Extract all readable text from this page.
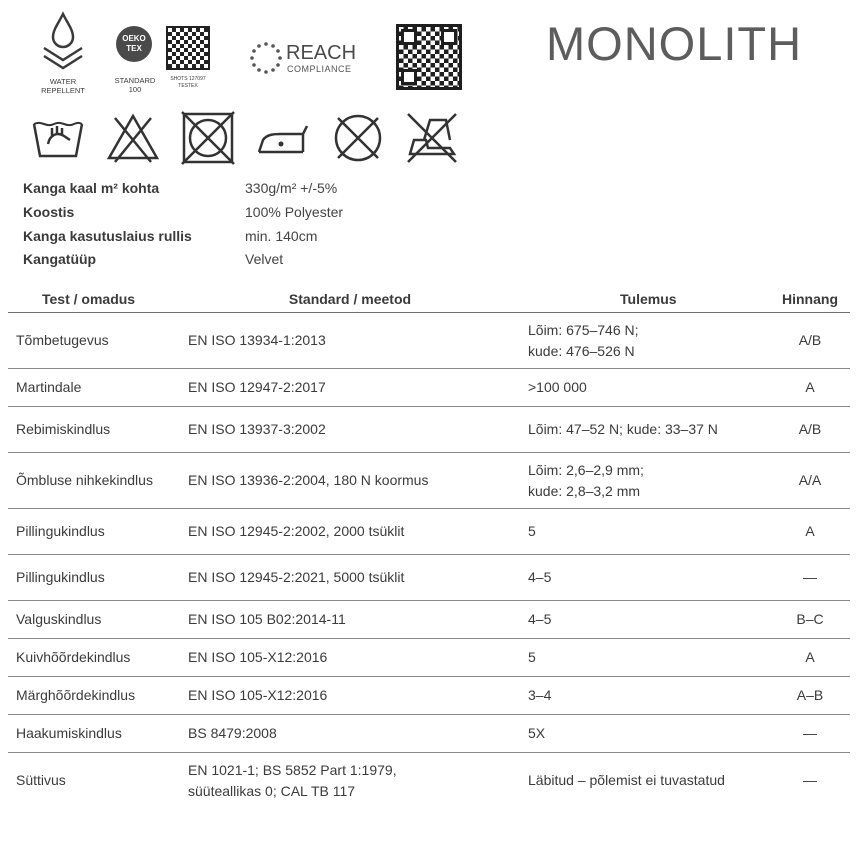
WATER
REPELLENT
OEKO
TEX
STANDARD
100
SHOTS 127097
TESTEX
REACH
COMPLIANCE	MONOLITH
Kanga kaal m² kohta	330g/m² +/-5%
Koostis	100% Polyester
Kanga kasutuslaius rullis	min. 140cm
Kangatüüp	Velvet
Test / omadus	Standard / meetod	Tulemus	Hinnang
Tõmbetugevus	EN ISO 13934-1:2013	Lõim: 675–746 N;
kude: 476–526 N	A/B
Martindale	EN ISO 12947-2:2017	>100 000	A
Rebimiskindlus	EN ISO 13937-3:2002	Lõim: 47–52 N; kude: 33–37 N	A/B
Õmbluse nihkekindlus	EN ISO 13936-2:2004, 180 N koormus	Lõim: 2,6–2,9 mm;
kude: 2,8–3,2 mm	A/A
Pillingukindlus	EN ISO 12945-2:2002, 2000 tsüklit	5	A
Pillingukindlus	EN ISO 12945-2:2021, 5000 tsüklit	4–5	—
Valguskindlus	EN ISO 105 B02:2014-11	4–5	B–C
Kuivhõõrdekindlus	EN ISO 105-X12:2016	5	A
Märghõõrdekindlus	EN ISO 105-X12:2016	3–4	A–B
Haakumiskindlus	BS 8479:2008	5X	—
Süttivus	EN 1021-1; BS 5852 Part 1:1979,
süüteallikas 0; CAL TB 117	Läbitud – põlemist ei tuvastatud	—
